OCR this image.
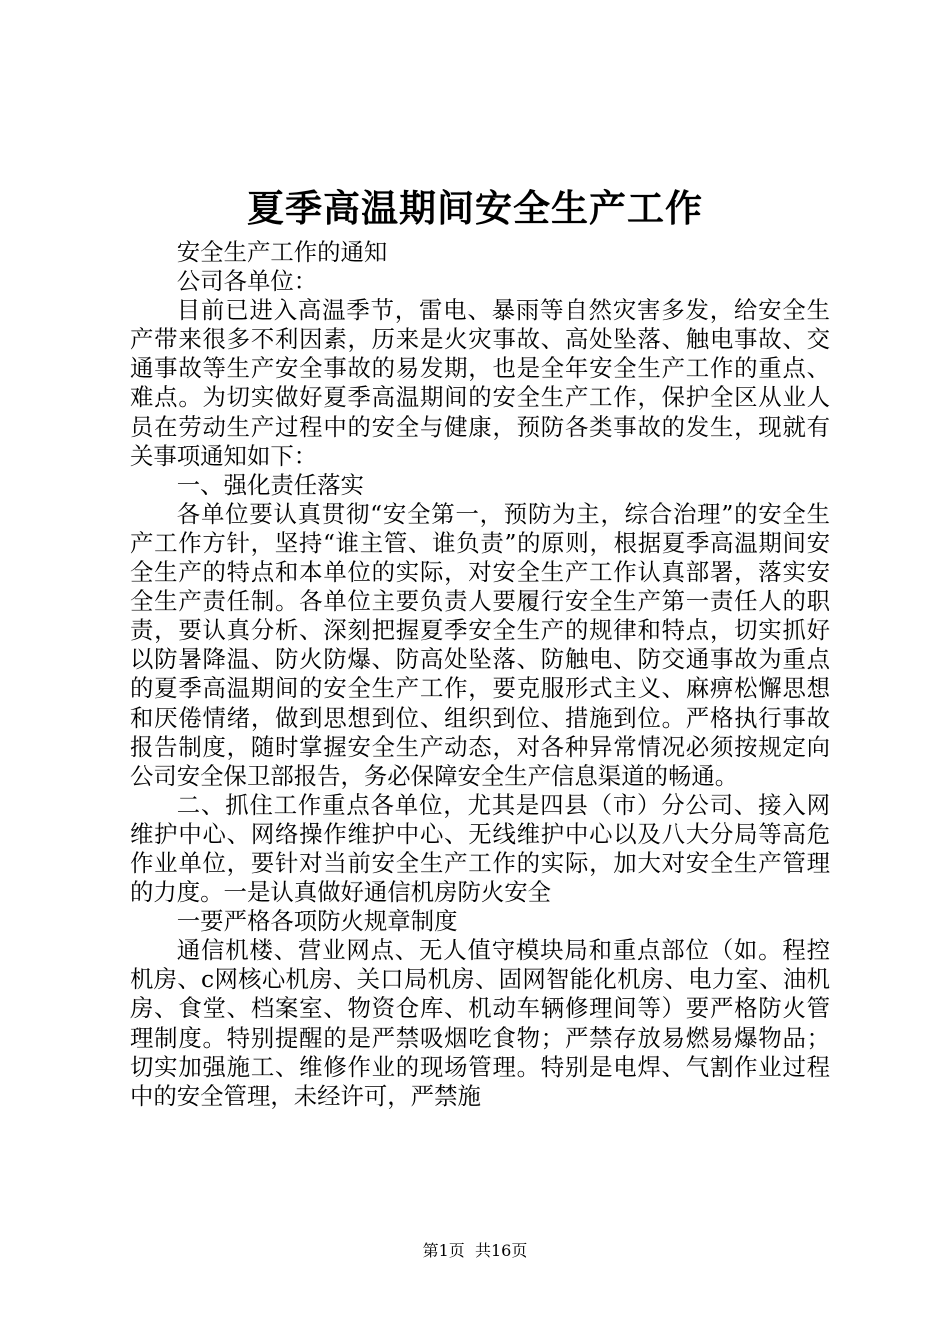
夏季高温期间安全生产工作

安全生产工作的通知

公司各单位：

目前已进入高温季节，雷电、暴雨等自然灾害多发，给安全生产带来很多不利因素，历来是火灾事故、高处坠落、触电事故、交通事故等生产安全事故的易发期，也是全年安全生产工作的重点、难点。为切实做好夏季高温期间的安全生产工作，保护全区从业人员在劳动生产过程中的安全与健康，预防各类事故的发生，现就有关事项通知如下：

一、强化责任落实

各单位要认真贯彻“安全第一，预防为主，综合治理”的安全生产工作方针，坚持“谁主管、谁负责”的原则，根据夏季高温期间安全生产的特点和本单位的实际，对安全生产工作认真部署，落实安全生产责任制。各单位主要负责人要履行安全生产第一责任人的职责，要认真分析、深刻把握夏季安全生产的规律和特点，切实抓好以防暑降温、防火防爆、防高处坠落、防触电、防交通事故为重点的夏季高温期间的安全生产工作，要克服形式主义、麻痹松懈思想和厌倦情绪，做到思想到位、组织到位、措施到位。严格执行事故报告制度，随时掌握安全生产动态，对各种异常情况必须按规定向公司安全保卫部报告，务必保障安全生产信息渠道的畅通。

二、抓住工作重点各单位，尤其是四县（市）分公司、接入网维护中心、网络操作维护中心、无线维护中心以及八大分局等高危作业单位，要针对当前安全生产工作的实际，加大对安全生产管理的力度。一是认真做好通信机房防火安全

一要严格各项防火规章制度

通信机楼、营业网点、无人值守模块局和重点部位（如。程控机房、c网核心机房、关口局机房、固网智能化机房、电力室、油机房、食堂、档案室、物资仓库、机动车辆修理间等）要严格防火管理制度。特别提醒的是严禁吸烟吃食物；严禁存放易燃易爆物品；切实加强施工、维修作业的现场管理。特别是电焊、气割作业过程中的安全管理，未经许可，严禁施

第1页 共16页
